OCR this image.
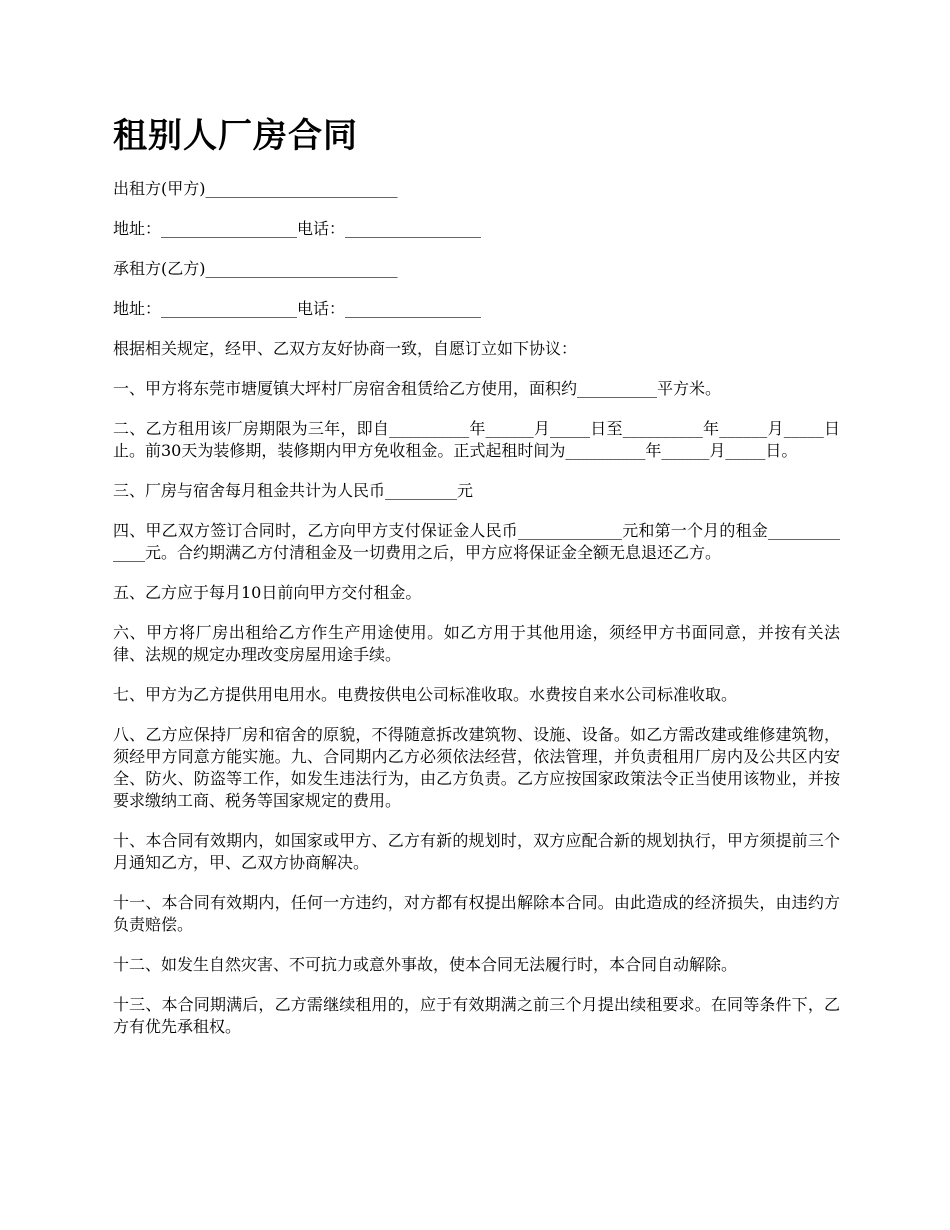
租别人厂房合同

出租方(甲方)________________________

地址：_________________电话：_________________

承租方(乙方)________________________

地址：_________________电话：_________________

根据相关规定，经甲、乙双方友好协商一致，自愿订立如下协议：

一、甲方将东莞市塘厦镇大坪村厂房宿舍租赁给乙方使用，面积约__________平方米。

二、乙方租用该厂房期限为三年，即自__________年______月_____日至__________年______月_____日止。前30天为装修期，装修期内甲方免收租金。正式起租时间为__________年______月_____日。

三、厂房与宿舍每月租金共计为人民币_________元

四、甲乙双方签订合同时，乙方向甲方支付保证金人民币_____________元和第一个月的租金_____________元。合约期满乙方付清租金及一切费用之后，甲方应将保证金全额无息退还乙方。

五、乙方应于每月10日前向甲方交付租金。

六、甲方将厂房出租给乙方作生产用途使用。如乙方用于其他用途，须经甲方书面同意，并按有关法律、法规的规定办理改变房屋用途手续。

七、甲方为乙方提供用电用水。电费按供电公司标准收取。水费按自来水公司标准收取。

八、乙方应保持厂房和宿舍的原貌，不得随意拆改建筑物、设施、设备。如乙方需改建或维修建筑物，须经甲方同意方能实施。九、合同期内乙方必须依法经营，依法管理，并负责租用厂房内及公共区内安全、防火、防盗等工作，如发生违法行为，由乙方负责。乙方应按国家政策法令正当使用该物业，并按要求缴纳工商、税务等国家规定的费用。

十、本合同有效期内，如国家或甲方、乙方有新的规划时，双方应配合新的规划执行，甲方须提前三个月通知乙方，甲、乙双方协商解决。

十一、本合同有效期内，任何一方违约，对方都有权提出解除本合同。由此造成的经济损失，由违约方负责赔偿。

十二、如发生自然灾害、不可抗力或意外事故，使本合同无法履行时，本合同自动解除。

十三、本合同期满后，乙方需继续租用的，应于有效期满之前三个月提出续租要求。在同等条件下，乙方有优先承租权。
